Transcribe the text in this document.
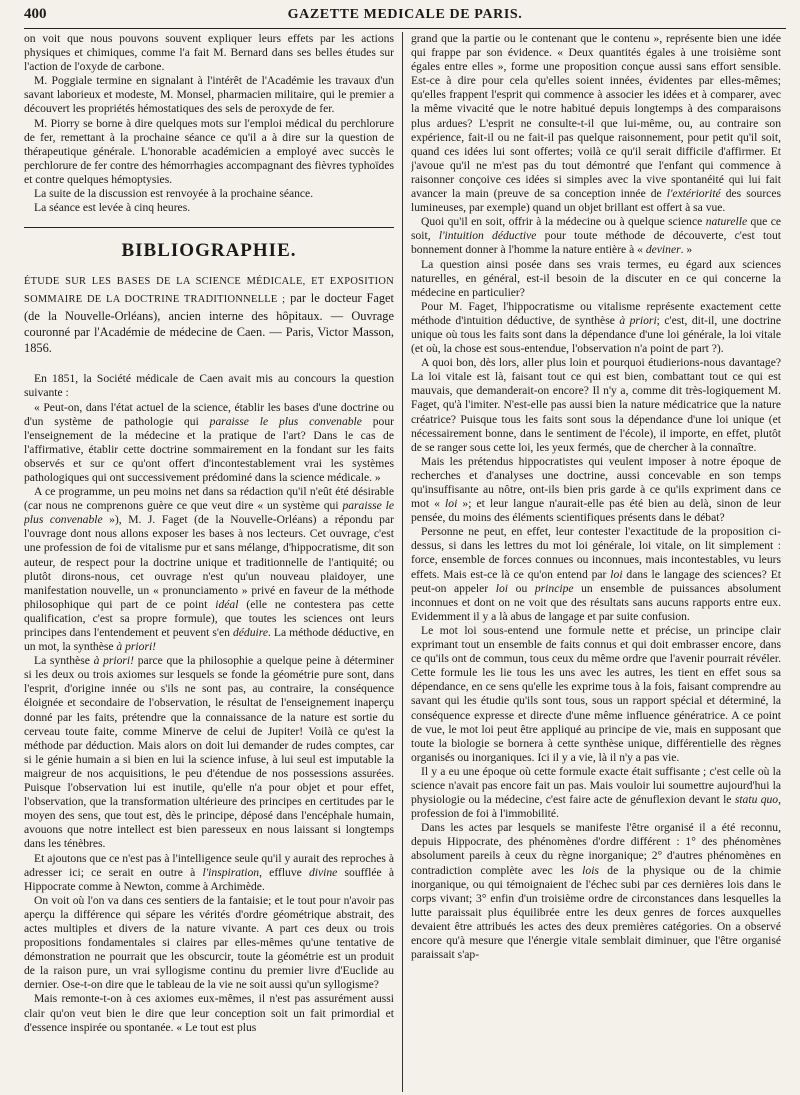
400	GAZETTE MEDICALE DE PARIS.

on voit que nous pouvons souvent expliquer leurs effets par les actions physiques et chimiques, comme l'a fait M. Bernard dans ses belles études sur l'action de l'oxyde de carbone.

M. Poggiale termine en signalant à l'intérêt de l'Académie les travaux d'un savant laborieux et modeste, M. Monsel, pharmacien militaire, qui le premier a découvert les propriétés hémostatiques des sels de peroxyde de fer.

M. Piorry se borne à dire quelques mots sur l'emploi médical du perchlorure de fer, remettant à la prochaine séance ce qu'il a à dire sur la question de thérapeutique générale. L'honorable académicien a employé avec succès le perchlorure de fer contre des hémorrhagies accompagnant des fièvres typhoïdes et contre quelques hémoptysies.

La suite de la discussion est renvoyée à la prochaine séance.

La séance est levée à cinq heures.

BIBLIOGRAPHIE.
ÉTUDE SUR LES BASES DE LA SCIENCE MÉDICALE, ET EXPOSITION SOMMAIRE DE LA DOCTRINE TRADITIONNELLE ; par le docteur Faget (de la Nouvelle-Orléans), ancien interne des hôpitaux. — Ouvrage couronné par l'Académie de médecine de Caen. — Paris, Victor Masson, 1856.

En 1851, la Société médicale de Caen avait mis au concours la question suivante :

« Peut-on, dans l'état actuel de la science, établir les bases d'une doctrine ou d'un système de pathologie qui paraisse le plus convenable pour l'enseignement de la médecine et la pratique de l'art? Dans le cas de l'affirmative, établir cette doctrine sommairement en la fondant sur les faits observés et sur ce qu'ont offert d'incontestablement vrai les systèmes pathologiques qui ont successivement prédominé dans la science médicale. »

A ce programme, un peu moins net dans sa rédaction qu'il n'eût été désirable (car nous ne comprenons guère ce que veut dire « un système qui paraisse le plus convenable »), M. J. Faget (de la Nouvelle-Orléans) a répondu par l'ouvrage dont nous allons exposer les bases à nos lecteurs. Cet ouvrage, c'est une profession de foi de vitalisme pur et sans mélange, d'hippocratisme, dit son auteur, de respect pour la doctrine unique et traditionnelle de l'antiquité; ou plutôt dirons-nous, cet ouvrage n'est qu'un nouveau plaidoyer, une manifestation nouvelle, un « pronunciamento » privé en faveur de la méthode philosophique qui part de ce point idéal (elle ne contestera pas cette qualification, c'est sa propre formule), que toutes les sciences ont leurs principes dans l'entendement et peuvent s'en déduire. La méthode déductive, en un mot, la synthèse à priori!

La synthèse à priori! parce que la philosophie a quelque peine à déterminer si les deux ou trois axiomes sur lesquels se fonde la géométrie pure sont, dans l'esprit, d'origine innée ou s'ils ne sont pas, au contraire, la conséquence éloignée et secondaire de l'observation, le résultat de l'enseignement inaperçu donné par les faits, prétendre que la connaissance de la nature est sortie du cerveau toute faite, comme Minerve de celui de Jupiter! Voilà ce qu'est la méthode par déduction. Mais alors on doit lui demander de rudes comptes, car si le génie humain a si bien en lui la science infuse, à lui seul est imputable la maigreur de nos acquisitions, le peu d'étendue de nos possessions assurées. Puisque l'observation lui est inutile, qu'elle n'a pour objet et pour effet, l'observation, que la transformation ultérieure des principes en certitudes par le moyen des sens, que tout est, dès le principe, déposé dans l'encéphale humain, avouons que notre intellect est bien paresseux en nous laissant si longtemps dans les ténèbres.

Et ajoutons que ce n'est pas à l'intelligence seule qu'il y aurait des reproches à adresser ici; ce serait en outre à l'inspiration, effluve divine soufflée à Hippocrate comme à Newton, comme à Archimède.

On voit où l'on va dans ces sentiers de la fantaisie; et le tout pour n'avoir pas aperçu la différence qui sépare les vérités d'ordre géométrique abstrait, des actes multiples et divers de la nature vivante. A part ces deux ou trois propositions fondamentales si claires par elles-mêmes qu'une tentative de démonstration ne pourrait que les obscurcir, toute la géométrie est un produit de la raison pure, un vrai syllogisme continu du premier livre d'Euclide au dernier. Ose-t-on dire que le tableau de la vie ne soit aussi qu'un syllogisme?

Mais remonte-t-on à ces axiomes eux-mêmes, il n'est pas assurément aussi clair qu'on veut bien le dire que leur conception soit un fait primordial et d'essence inspirée ou spontanée. « Le tout est plus

grand que la partie ou le contenant que le contenu », représente bien une idée qui frappe par son évidence. « Deux quantités égales à une troisième sont égales entre elles », forme une proposition conçue aussi sans effort sensible. Est-ce à dire pour cela qu'elles soient innées, évidentes par elles-mêmes; qu'elles frappent l'esprit qui commence à associer les idées et à comparer, avec la même vivacité que le notre habitué depuis longtemps à des comparaisons plus ardues? L'esprit ne consulte-t-il que lui-même, ou, au contraire son expérience, fait-il ou ne fait-il pas quelque raisonnement, pour petit qu'il soit, quand ces idées lui sont offertes; voilà ce qu'il serait difficile d'affirmer. Et j'avoue qu'il ne m'est pas du tout démontré que l'enfant qui commence à raisonner conçoive ces idées si simples avec la vive spontanéité qui lui fait avancer la main (preuve de sa conception innée de l'extériorité des sources lumineuses, par exemple) quand un objet brillant est offert à sa vue.

Quoi qu'il en soit, offrir à la médecine ou à quelque science naturelle que ce soit, l'intuition déductive pour toute méthode de découverte, c'est tout bonnement donner à l'homme la nature entière à « deviner. »

La question ainsi posée dans ses vrais termes, eu égard aux sciences naturelles, en général, est-il besoin de la discuter en ce qui concerne la médecine en particulier?

Pour M. Faget, l'hippocratisme ou vitalisme représente exactement cette méthode d'intuition déductive, de synthèse à priori; c'est, dit-il, une doctrine unique où tous les faits sont dans la dépendance d'une loi générale, la loi vitale (et où, la chose est sous-entendue, l'observation n'a point de part ?).

A quoi bon, dès lors, aller plus loin et pourquoi étudierions-nous davantage? La loi vitale est là, faisant tout ce qui est bien, combattant tout ce qui est mauvais, que demanderait-on encore? Il n'y a, comme dit très-logiquement M. Faget, qu'à l'imiter. N'est-elle pas aussi bien la nature médicatrice que la nature créatrice? Puisque tous les faits sont sous la dépendance d'une loi unique (et nécessairement bonne, dans le sentiment de l'école), il importe, en effet, plutôt de se ranger sous cette loi, les yeux fermés, que de chercher à la connaître.

Mais les prétendus hippocratistes qui veulent imposer à notre époque de recherches et d'analyses une doctrine, aussi concevable en son temps qu'insuffisante au nôtre, ont-ils bien pris garde à ce qu'ils expriment dans ce mot « loi »; et leur langue n'aurait-elle pas été bien au delà, sinon de leur pensée, du moins des éléments scientifiques présents dans le débat?

Personne ne peut, en effet, leur contester l'exactitude de la proposition ci-dessus, si dans les lettres du mot loi générale, loi vitale, on lit simplement : force, ensemble de forces connues ou inconnues, mais incontestables, vu leurs effets. Mais est-ce là ce qu'on entend par loi dans le langage des sciences? Et peut-on appeler loi ou principe un ensemble de puissances absolument inconnues et dont on ne voit que des résultats sans aucuns rapports entre eux. Evidemment il y a là abus de langage et par suite confusion.

Le mot loi sous-entend une formule nette et précise, un principe clair exprimant tout un ensemble de faits connus et qui doit embrasser encore, dans ce qu'ils ont de commun, tous ceux du même ordre que l'avenir pourrait révéler. Cette formule les lie tous les uns avec les autres, les tient en effet sous sa dépendance, en ce sens qu'elle les exprime tous à la fois, faisant comprendre au savant qui les étudie qu'ils sont tous, sous un rapport spécial et déterminé, la conséquence expresse et directe d'une même influence génératrice. A ce point de vue, le mot loi peut être appliqué au principe de vie, mais en supposant que toute la biologie se bornera à cette synthèse unique, différentielle des règnes organisés ou inorganiques. Ici il y a vie, là il n'y a pas vie.

Il y a eu une époque où cette formule exacte était suffisante ; c'est celle où la science n'avait pas encore fait un pas. Mais vouloir lui soumettre aujourd'hui la physiologie ou la médecine, c'est faire acte de génuflexion devant le statu quo, profession de foi à l'immobilité.

Dans les actes par lesquels se manifeste l'être organisé il a été reconnu, depuis Hippocrate, des phénomènes d'ordre différent : 1° des phénomènes absolument pareils à ceux du règne inorganique; 2° d'autres phénomènes en contradiction complète avec les lois de la physique ou de la chimie inorganique, ou qui témoignaient de l'échec subi par ces dernières lois dans le corps vivant; 3° enfin d'un troisième ordre de circonstances dans lesquelles la lutte paraissait plus équilibrée entre les deux genres de forces auxquelles devaient être attribués les actes des deux premières catégories. On a observé encore qu'à mesure que l'énergie vitale semblait diminuer, que l'être organisé paraissait s'ap-
